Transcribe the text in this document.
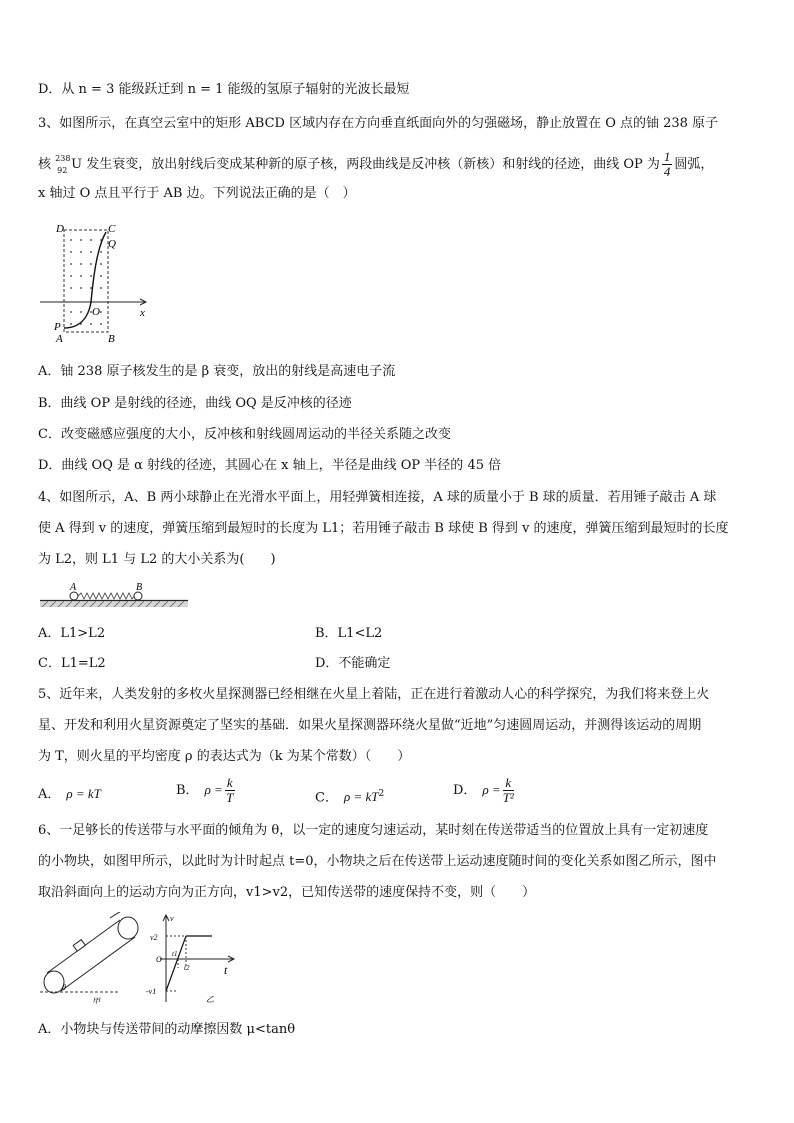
D．从 n = 3 能级跃迁到 n = 1 能级的氢原子辐射的光波长最短
3、如图所示，在真空云室中的矩形 ABCD 区域内存在方向垂直纸面向外的匀强磁场，静止放置在 O 点的铀 238 原子
核 238
92 U 发生衰变，放出射线后变成某种新的原子核，两段曲线是反冲核（新核）和射线的径迹，曲线 OP 为 $\frac{1}{4}$ 圆弧，
x 轴过 O 点且平行于 AB 边。下列说法正确的是（　）
D	C
Q
O	x
P
A	B
A．铀 238 原子核发生的是 β 衰变，放出的射线是高速电子流
B．曲线 OP 是射线的径迹，曲线 OQ 是反冲核的径迹
C．改变磁感应强度的大小，反冲核和射线圆周运动的半径关系随之改变
D．曲线 OQ 是 α 射线的径迹，其圆心在 x 轴上，半径是曲线 OP 半径的 45 倍
4、如图所示，A、B 两小球静止在光滑水平面上，用轻弹簧相连接，A 球的质量小于 B 球的质量．若用锤子敲击 A 球
使 A 得到 v 的速度，弹簧压缩到最短时的长度为 L1；若用锤子敲击 B 球使 B 得到 v 的速度，弹簧压缩到最短时的长度
为 L2，则 L1 与 L2 的大小关系为(　　)
A	B
A．L1>L2	B．L1<L2
C．L1=L2	D．不能确定
5、近年来，人类发射的多枚火星探测器已经相继在火星上着陆，正在进行着激动人心的科学探究，为我们将来登上火
星、开发和利用火星资源奠定了坚实的基础．如果火星探测器环绕火星做“近地”匀速圆周运动，并测得该运动的周期
为 T，则火星的平均密度 ρ 的表达式为（k 为某个常数）（　　）
A． ρ = kT	B． $\rho = \frac{k}{T}$	C． $\rho = kT^2$	D． $\rho = \frac{k}{\text{T²}}$
6、一足够长的传送带与水平面的倾角为 θ，以一定的速度匀速运动，某时刻在传送带适当的位置放上具有一定初速度
的小物块，如图甲所示，以此时为计时起点 t=0，小物块之后在传送带上运动速度随时间的变化关系如图乙所示，图中
取沿斜面向上的运动方向为正方向，v1>v2，已知传送带的速度保持不变，则（　　）
θ
甲
v
v2
t1
t2
O
t
-v1
乙
A．小物块与传送带间的动摩擦因数 μ<tanθ
